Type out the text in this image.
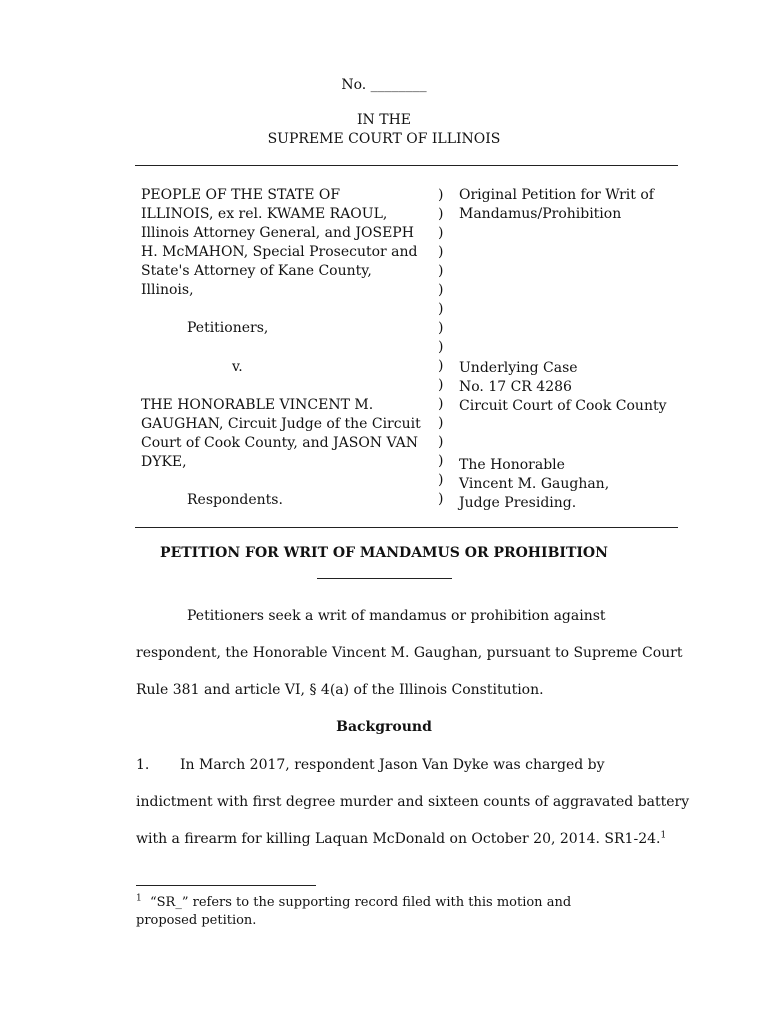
No. ________
IN THE
SUPREME COURT OF ILLINOIS
PEOPLE OF THE STATE OF
ILLINOIS, ex rel. KWAME RAOUL,
Illinois Attorney General, and JOSEPH
H. McMAHON, Special Prosecutor and
State's Attorney of Kane County,
Illinois,
Petitioners,
v.
THE HONORABLE VINCENT M.
GAUGHAN, Circuit Judge of the Circuit
Court of Cook County, and JASON VAN
DYKE,
Respondents.
)
)
)
)
)
)
)
)
)
)
)
)
)
)
)
)
)
Original Petition for Writ of
Mandamus/Prohibition
Underlying Case
No. 17 CR 4286
Circuit Court of Cook County
The Honorable
Vincent M. Gaughan,
Judge Presiding.
PETITION FOR WRIT OF MANDAMUS OR PROHIBITION
Petitioners seek a writ of mandamus or prohibition against
respondent, the Honorable Vincent M. Gaughan, pursuant to Supreme Court
Rule 381 and article VI, § 4(a) of the Illinois Constitution.
Background
1. In March 2017, respondent Jason Van Dyke was charged by
indictment with first degree murder and sixteen counts of aggravated battery
with a firearm for killing Laquan McDonald on October 20, 2014. SR1-24.$^1$
$^1$ “SR_” refers to the supporting record filed with this motion and proposed petition.
